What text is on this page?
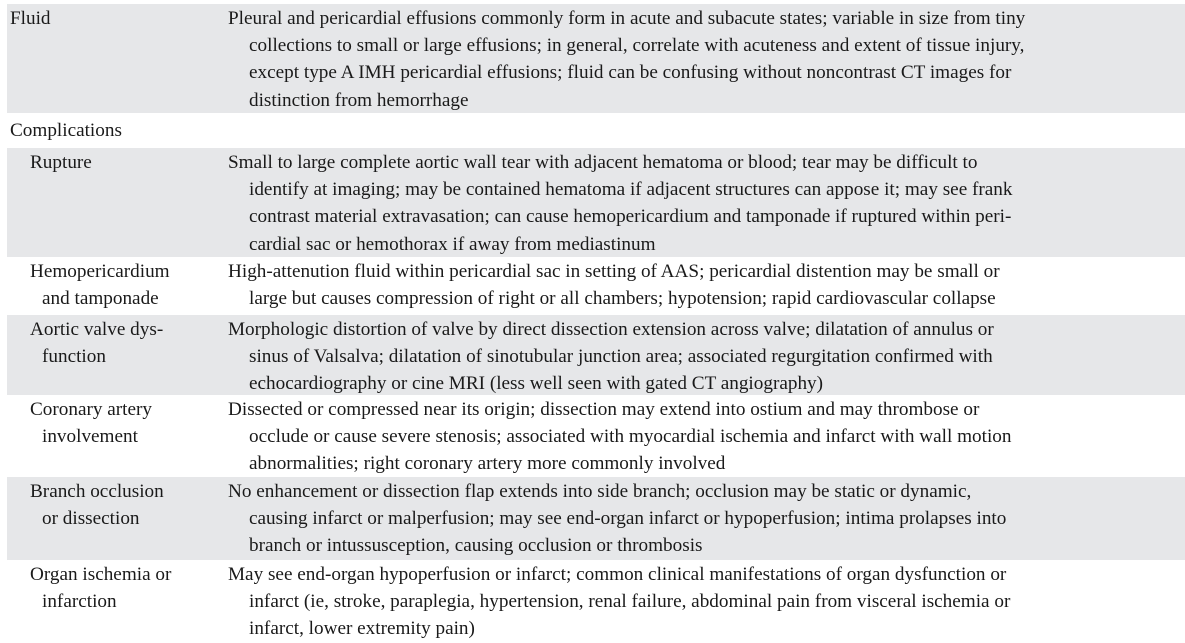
Fluid	Pleural and pericardial effusions commonly form in acute and subacute states; variable in size from tiny
collections to small or large effusions; in general, correlate with acuteness and extent of tissue injury,
except type A IMH pericardial effusions; fluid can be confusing without noncontrast CT images for
distinction from hemorrhage
Complications
Rupture	Small to large complete aortic wall tear with adjacent hematoma or blood; tear may be difficult to
identify at imaging; may be contained hematoma if adjacent structures can appose it; may see frank
contrast material extravasation; can cause hemopericardium and tamponade if ruptured within peri-
cardial sac or hemothorax if away from mediastinum
Hemopericardium
and tamponade
High-attenution fluid within pericardial sac in setting of AAS; pericardial distention may be small or
large but causes compression of right or all chambers; hypotension; rapid cardiovascular collapse
Aortic valve dys-
function
Morphologic distortion of valve by direct dissection extension across valve; dilatation of annulus or
sinus of Valsalva; dilatation of sinotubular junction area; associated regurgitation confirmed with
echocardiography or cine MRI (less well seen with gated CT angiography)
Coronary artery
involvement
Dissected or compressed near its origin; dissection may extend into ostium and may thrombose or
occlude or cause severe stenosis; associated with myocardial ischemia and infarct with wall motion
abnormalities; right coronary artery more commonly involved
Branch occlusion
or dissection
No enhancement or dissection flap extends into side branch; occlusion may be static or dynamic,
causing infarct or malperfusion; may see end-organ infarct or hypoperfusion; intima prolapses into
branch or intussusception, causing occlusion or thrombosis
Organ ischemia or
infarction
May see end-organ hypoperfusion or infarct; common clinical manifestations of organ dysfunction or
infarct (ie, stroke, paraplegia, hypertension, renal failure, abdominal pain from visceral ischemia or
infarct, lower extremity pain)
